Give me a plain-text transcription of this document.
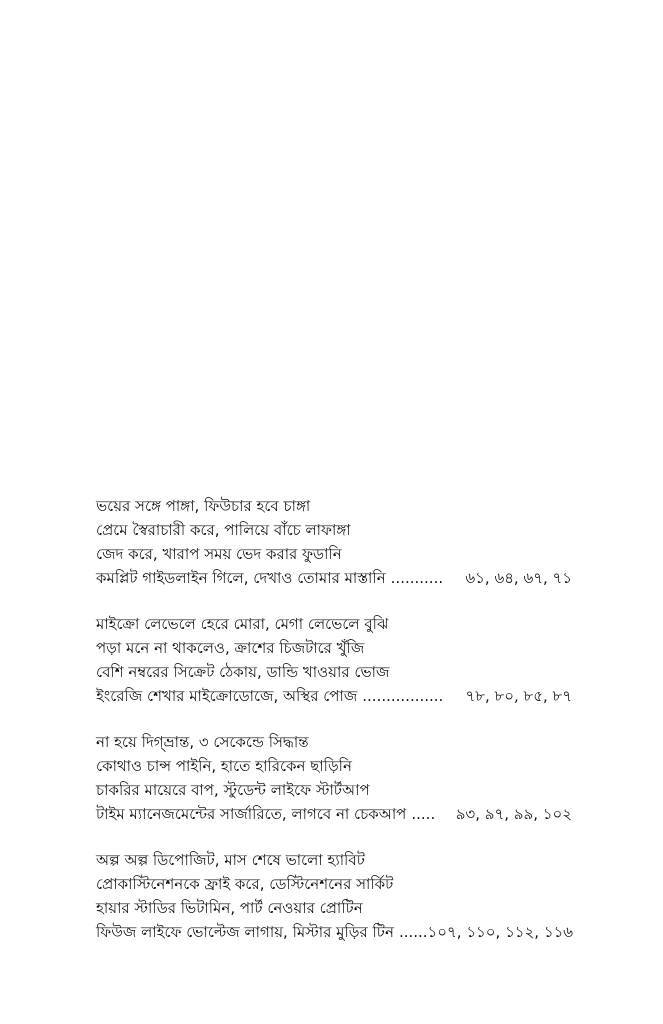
ভয়ের সঙ্গে পাঙ্গা, ফিউচার হবে চাঙ্গা
প্রেমে স্বৈরাচারী করে, পালিয়ে বাঁচে লাফাঙ্গা
জেদ করে, খারাপ সময় ভেদ করার ফুডানি
কমপ্লিট গাইডলাইন গিলে, দেখাও তোমার মাস্তানি ........... ৬১, ৬৪, ৬৭, ৭১
মাইক্রো লেভেলে হেরে মোরা, মেগা লেভেলে বুঝি
পড়া মনে না থাকলেও, ক্রাশের চিজটারে খুঁজি
বেশি নম্বরের সিক্রেট ঠেকায়, ডান্ডি খাওয়ার ভোজ
ইংরেজি শেখার মাইক্রোডোজে, অস্থির পোজ ................. ৭৮, ৮০, ৮৫, ৮৭
না হয়ে দিগ্‌ভ্রান্ত, ৩ সেকেন্ডে সিদ্ধান্ত
কোথাও চান্স পাইনি, হাতে হারিকেন ছাড়িনি
চাকরির মায়েরে বাপ, স্টুডেন্ট লাইফে স্টার্টআপ
টাইম ম্যানেজমেন্টের সার্জারিতে, লাগবে না চেকআপ ..... ৯৩, ৯৭, ৯৯, ১০২
অল্প অল্প ডিপোজিট, মাস শেষে ভালো হ্যাবিট
প্রোকাস্টিনেশনকে ফ্রাই করে, ডেস্টিনেশনের সার্কিট
হায়ার স্টাডির ভিটামিন, পার্ট নেওয়ার প্রোটিন
ফিউজ লাইফে ভোল্টেজ লাগায়, মিস্টার মুড়ির টিন ...... ১০৭, ১১০, ১১২, ১১৬
